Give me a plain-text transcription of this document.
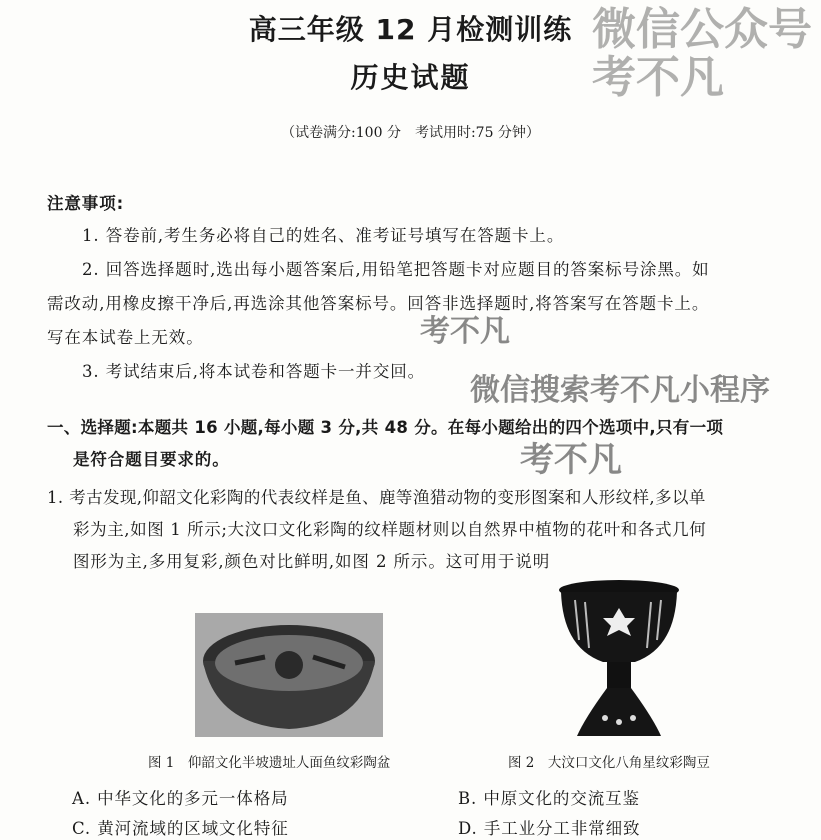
高三年级 12 月检测训练
历史试题
（试卷满分:100 分　考试用时:75 分钟）
注意事项:
1. 答卷前,考生务必将自己的姓名、准考证号填写在答题卡上。
2. 回答选择题时,选出每小题答案后,用铅笔把答题卡对应题目的答案标号涂黑。如
需改动,用橡皮擦干净后,再选涂其他答案标号。回答非选择题时,将答案写在答题卡上。
写在本试卷上无效。
3. 考试结束后,将本试卷和答题卡一并交回。
一、选择题:本题共 16 小题,每小题 3 分,共 48 分。在每小题给出的四个选项中,只有一项
是符合题目要求的。
1. 考古发现,仰韶文化彩陶的代表纹样是鱼、鹿等渔猎动物的变形图案和人形纹样,多以单
彩为主,如图 1 所示;大汶口文化彩陶的纹样题材则以自然界中植物的花叶和各式几何
图形为主,多用复彩,颜色对比鲜明,如图 2 所示。这可用于说明
图 1　仰韶文化半坡遗址人面鱼纹彩陶盆	图 2　大汶口文化八角星纹彩陶豆
A. 中华文化的多元一体格局	B. 中原文化的交流互鉴
C. 黄河流域的区域文化特征	D. 手工业分工非常细致
考不凡
微信搜索考不凡小程序
考不凡
微信公众号 考不凡
